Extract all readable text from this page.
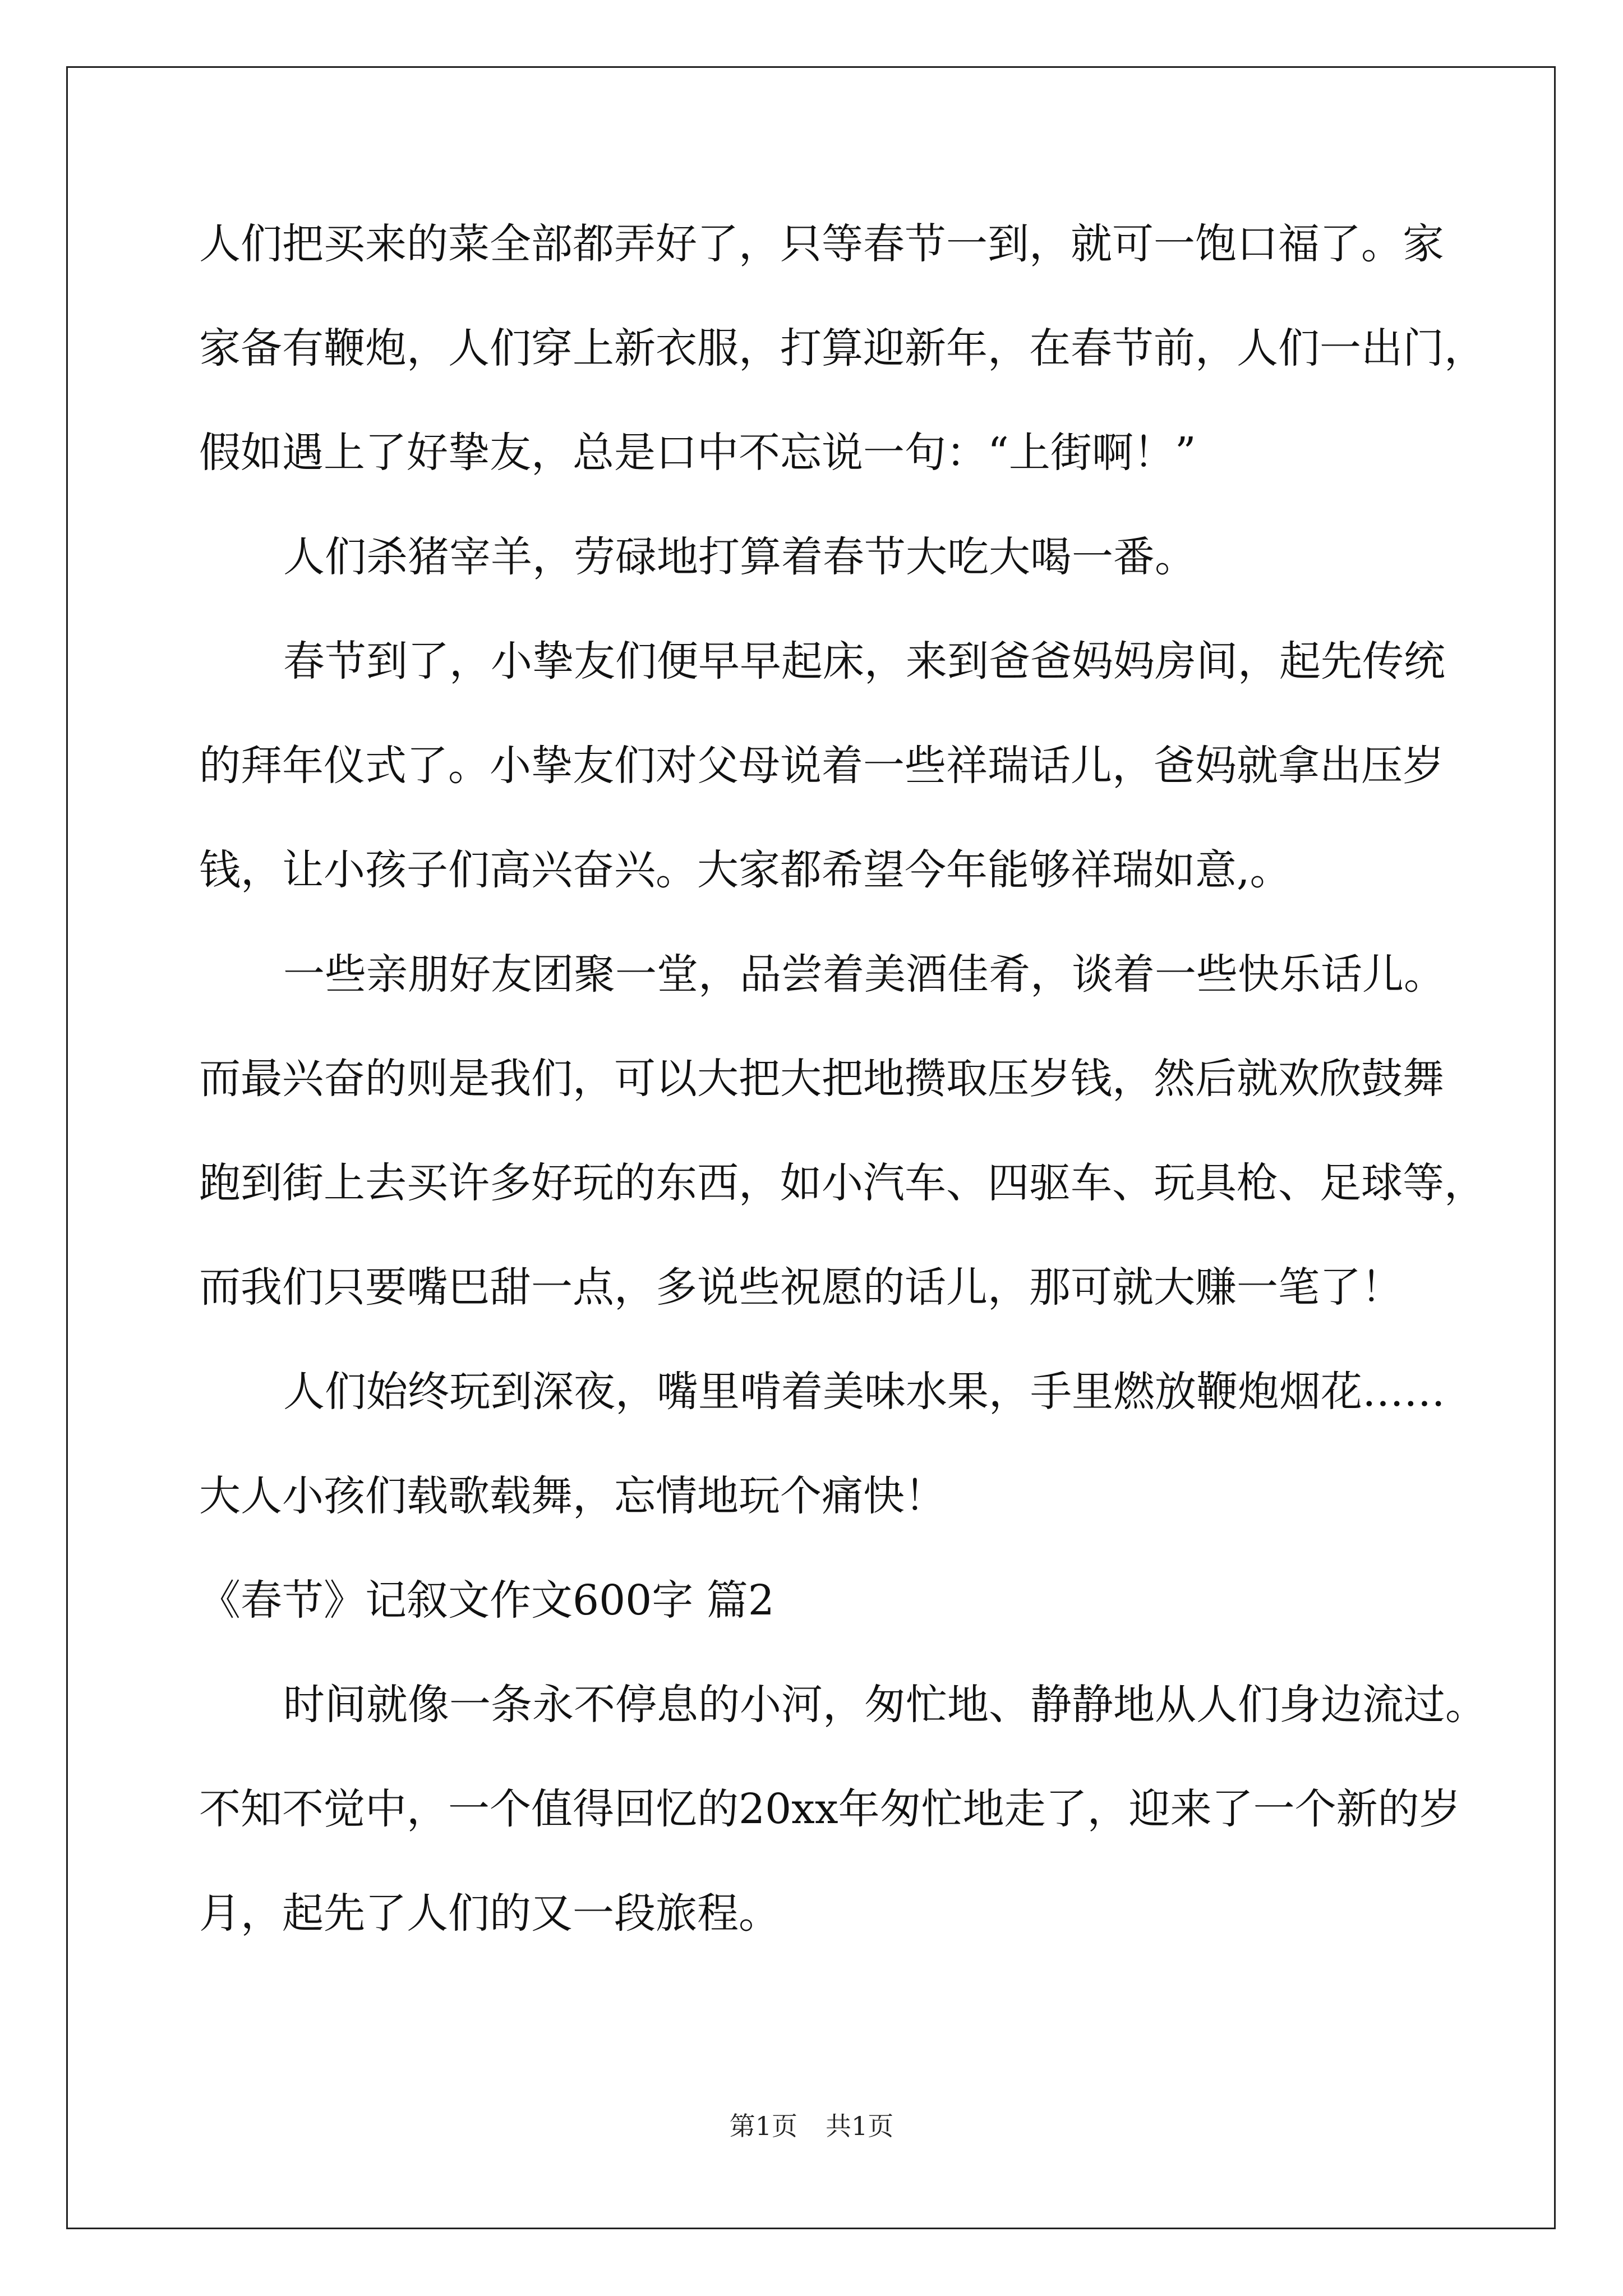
人们把买来的菜全部都弄好了，只等春节一到，就可一饱口福了。家
家备有鞭炮，人们穿上新衣服，打算迎新年，在春节前，人们一出门，
假如遇上了好挚友，总是口中不忘说一句：“上街啊！”
人们杀猪宰羊，劳碌地打算着春节大吃大喝一番。
春节到了，小挚友们便早早起床，来到爸爸妈妈房间，起先传统
的拜年仪式了。小挚友们对父母说着一些祥瑞话儿，爸妈就拿出压岁
钱，让小孩子们高兴奋兴。大家都希望今年能够祥瑞如意,。
一些亲朋好友团聚一堂，品尝着美酒佳肴，谈着一些快乐话儿。
而最兴奋的则是我们，可以大把大把地攒取压岁钱，然后就欢欣鼓舞
跑到街上去买许多好玩的东西，如小汽车、四驱车、玩具枪、足球等，
而我们只要嘴巴甜一点，多说些祝愿的话儿，那可就大赚一笔了！
人们始终玩到深夜，嘴里啃着美味水果，手里燃放鞭炮烟花……
大人小孩们载歌载舞，忘情地玩个痛快！
《春节》记叙文作文600字 篇2
时间就像一条永不停息的小河，匆忙地、静静地从人们身边流过。
不知不觉中，一个值得回忆的20xx年匆忙地走了，迎来了一个新的岁
月，起先了人们的又一段旅程。
第1页 共1页
